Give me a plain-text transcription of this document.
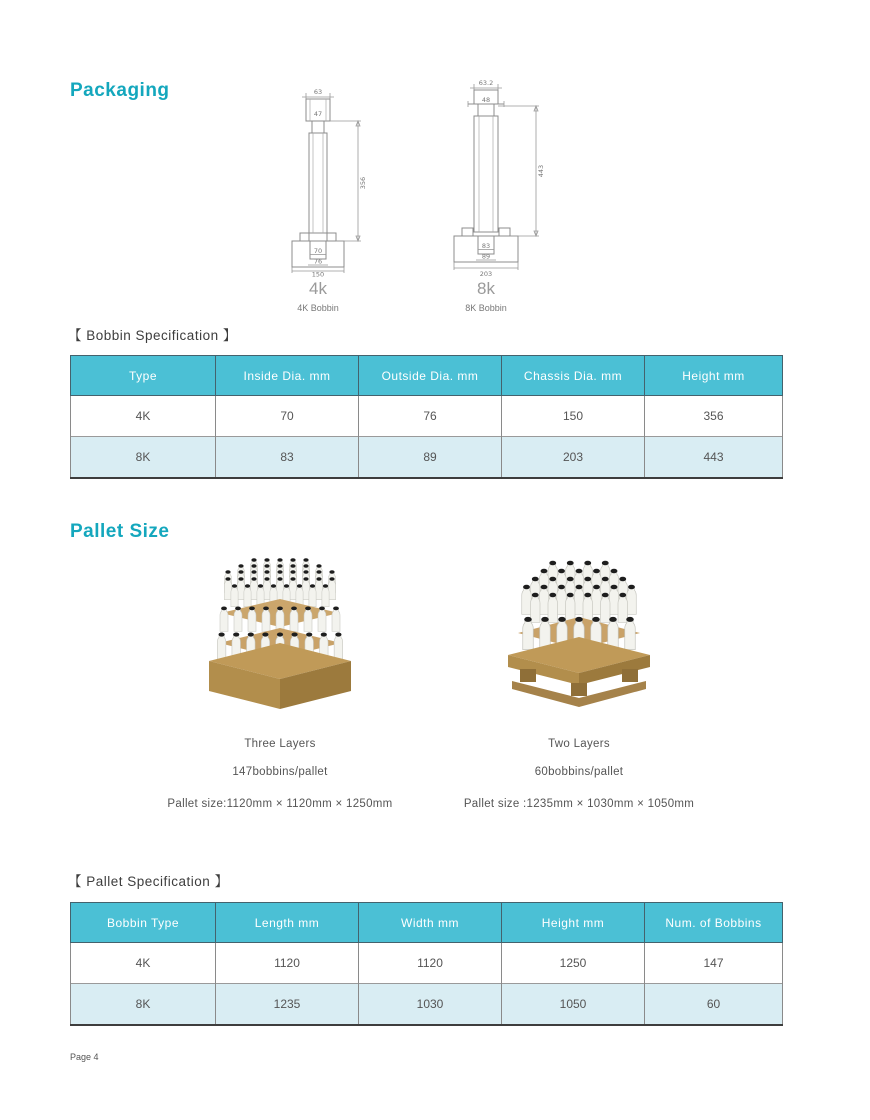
Packaging	63
47
70
76
150
356
63.2
48
83
89
203
443
4k
4K Bobbin
8k
8K Bobbin
【 Bobbin Specification 】
Type	Inside Dia. mm	Outside Dia. mm	Chassis Dia. mm	Height mm
4K	70	76	150	356
8K	83	89	203	443
Pallet Size
Three Layers
147bobbins/pallet
Pallet size:1120mm × 1120mm × 1250mm
Two Layers
60bobbins/pallet
Pallet size :1235mm × 1030mm × 1050mm
【 Pallet Specification 】
Bobbin Type	Length mm	Width mm	Height mm	Num. of Bobbins
4K	1120	1120	1250	147
8K	1235	1030	1050	60
Page 4
